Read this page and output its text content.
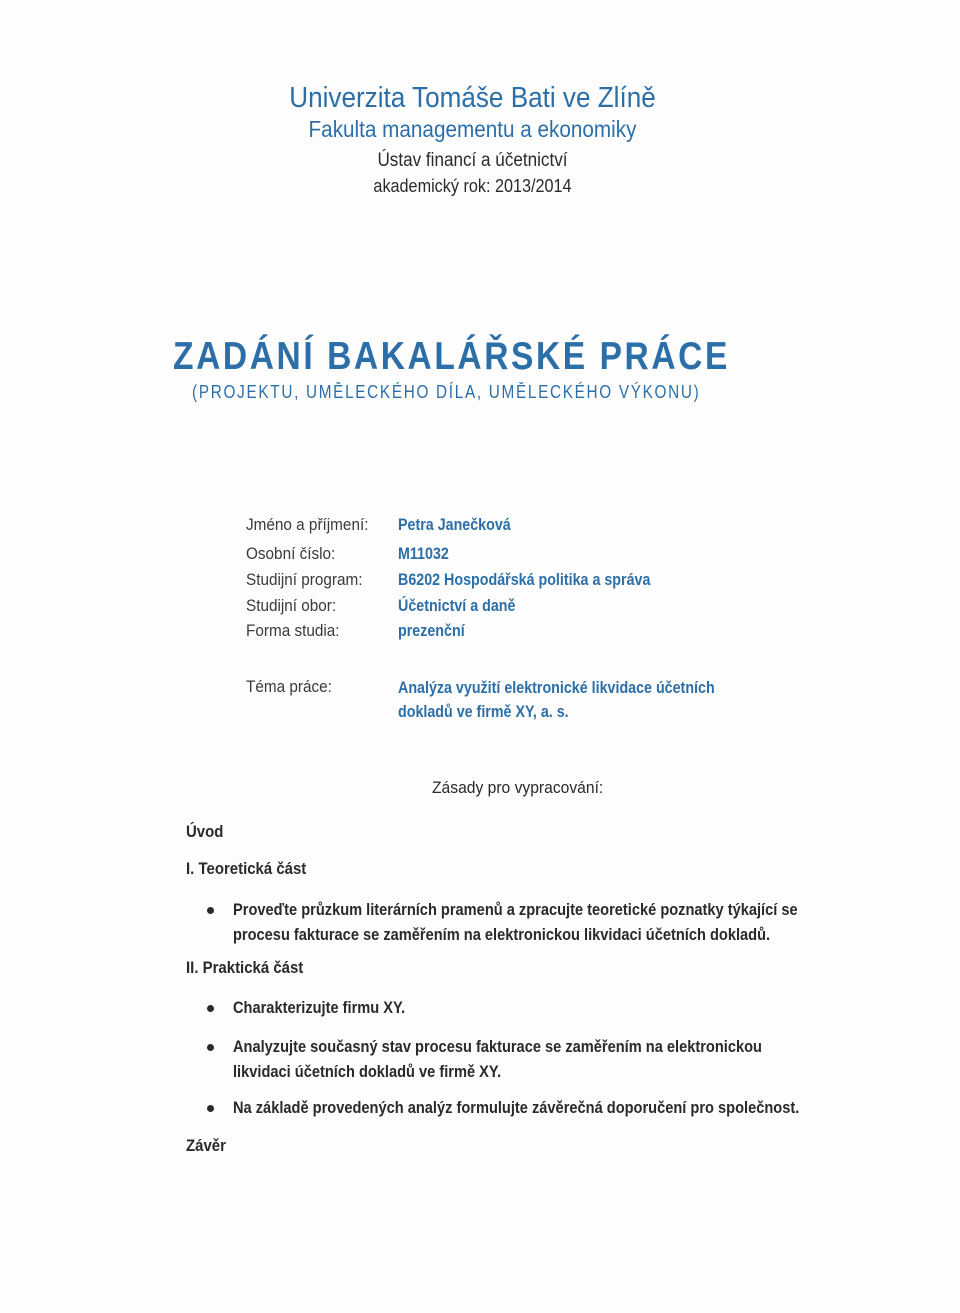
Univerzita Tomáše Bati ve Zlíně
Fakulta managementu a ekonomiky
Ústav financí a účetnictví
akademický rok: 2013/2014
ZADÁNÍ BAKALÁŘSKÉ PRÁCE
(PROJEKTU, UMĚLECKÉHO DÍLA, UMĚLECKÉHO VÝKONU)
Jméno a příjmení: Petra Janečková
Osobní číslo:	M11032
Studijní program: B6202 Hospodářská politika a správa
Studijní obor:	Účetnictví a daně
Forma studia:	prezenční
Téma práce:	Analýza využití elektronické likvidace účetních
dokladů ve firmě XY, a. s.
Zásady pro vypracování:
Úvod
I. Teoretická část
Proveďte průzkum literárních pramenů a zpracujte teoretické poznatky týkající se
procesu fakturace se zaměřením na elektronickou likvidaci účetních dokladů.
II. Praktická část
Charakterizujte firmu XY.
Analyzujte současný stav procesu fakturace se zaměřením na elektronickou
likvidaci účetních dokladů ve firmě XY.
Na základě provedených analýz formulujte závěrečná doporučení pro společnost.
Závěr
